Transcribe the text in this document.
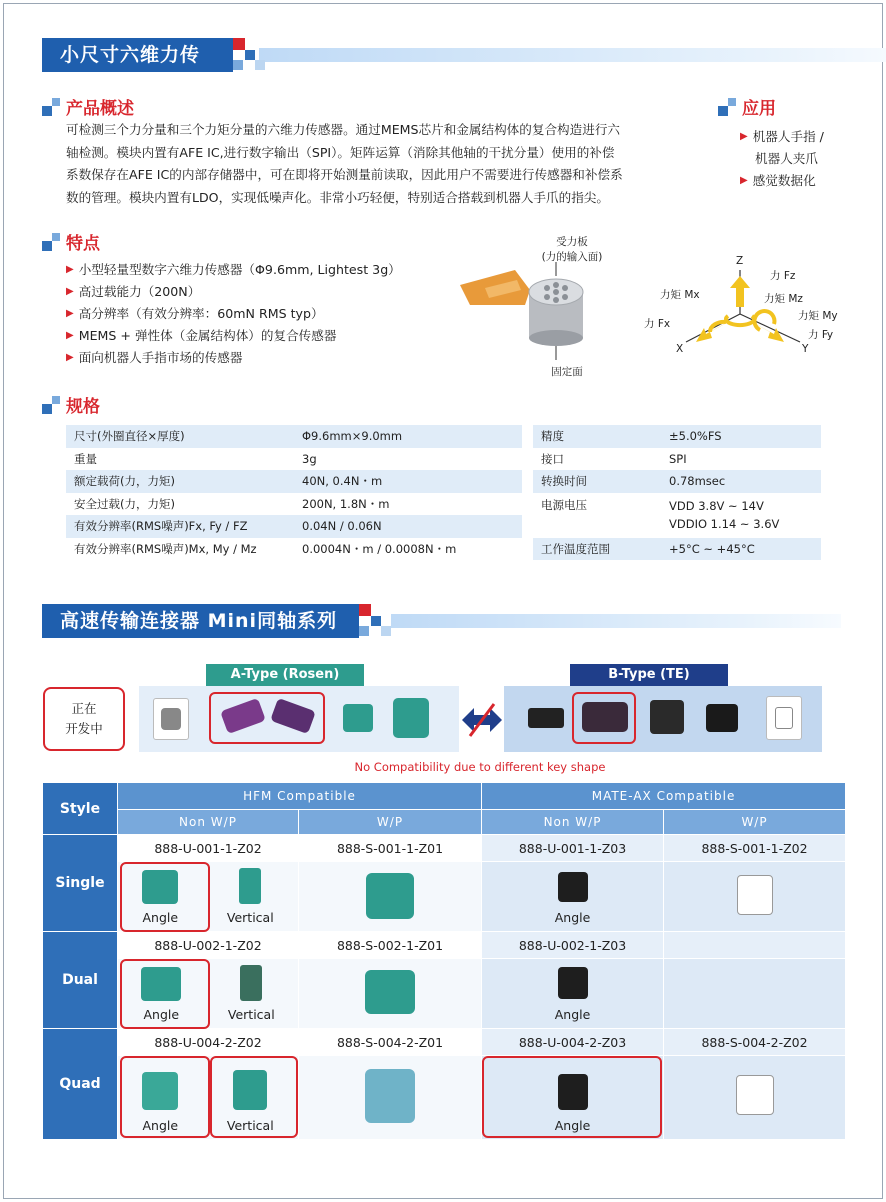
小尺寸六维力传感器
产品概述
可检测三个力分量和三个力矩分量的六维力传感器。通过MEMS芯片和金属结构体的复合构造进行六
轴检测。模块内置有AFE IC,进行数字输出（SPI）。矩阵运算（消除其他轴的干扰分量）使用的补偿
系数保存在AFE IC的内部存储器中，可在即将开始测量前读取，因此用户不需要进行传感器和补偿系
数的管理。模块内置有LDO，实现低噪声化。非常小巧轻便，特别适合搭载到机器人手爪的指尖。
应用
▶ 机器人手指 /
机器人夹爪
▶ 感觉数据化
特点
▶ 小型轻量型数字六维力传感器（Φ9.6mm, Lightest 3g）
▶ 高过载能力（200N）
▶ 高分辨率（有效分辨率：60mN RMS typ）
▶ MEMS + 弹性体（金属结构体）的复合传感器
▶ 面向机器人手指市场的传感器
受力板
(力的输入面)
固定面
Z
X	Y
力 Fz
力矩 Mx	力矩 Mz
力矩 My
力 Fx
力 Fy
规格
尺寸(外圈直径×厚度)	Φ9.6mm×9.0mm
重量	3g
额定载荷(力，力矩)	40N, 0.4N・m
安全过载(力，力矩)	200N, 1.8N・m
有效分辨率(RMS噪声)Fx, Fy / FZ	0.04N / 0.06N
有效分辨率(RMS噪声)Mx, My / Mz	0.0004N・m / 0.0008N・m
精度	±5.0%FS
接口	SPI
转换时间	0.78msec
电源电压	VDD 3.8V ~ 14V
VDDIO 1.14 ~ 3.6V

工作温度范围	+5°C ~ +45°C
高速传输连接器 Mini同轴系列
正在
开发中
A-Type (Rosen)	B-Type (TE)
No Compatibility due to different key shape
Style	HFM Compatible		MATE-AX Compatible	
	Non W/P	W/P	Non W/P	W/P
Single	888-U-001-1-Z02	888-S-001-1-Z01	888-U-001-1-Z03	888-S-001-1-Z02

	Angle Vertical		Angle	

Dual	888-U-002-1-Z02	888-S-002-1-Z01	888-U-002-1-Z03	

	Angle Vertical		Angle	

Quad	888-U-004-2-Z02	888-S-004-2-Z01	888-U-004-2-Z03	888-S-004-2-Z02

	Angle Vertical		Angle	
